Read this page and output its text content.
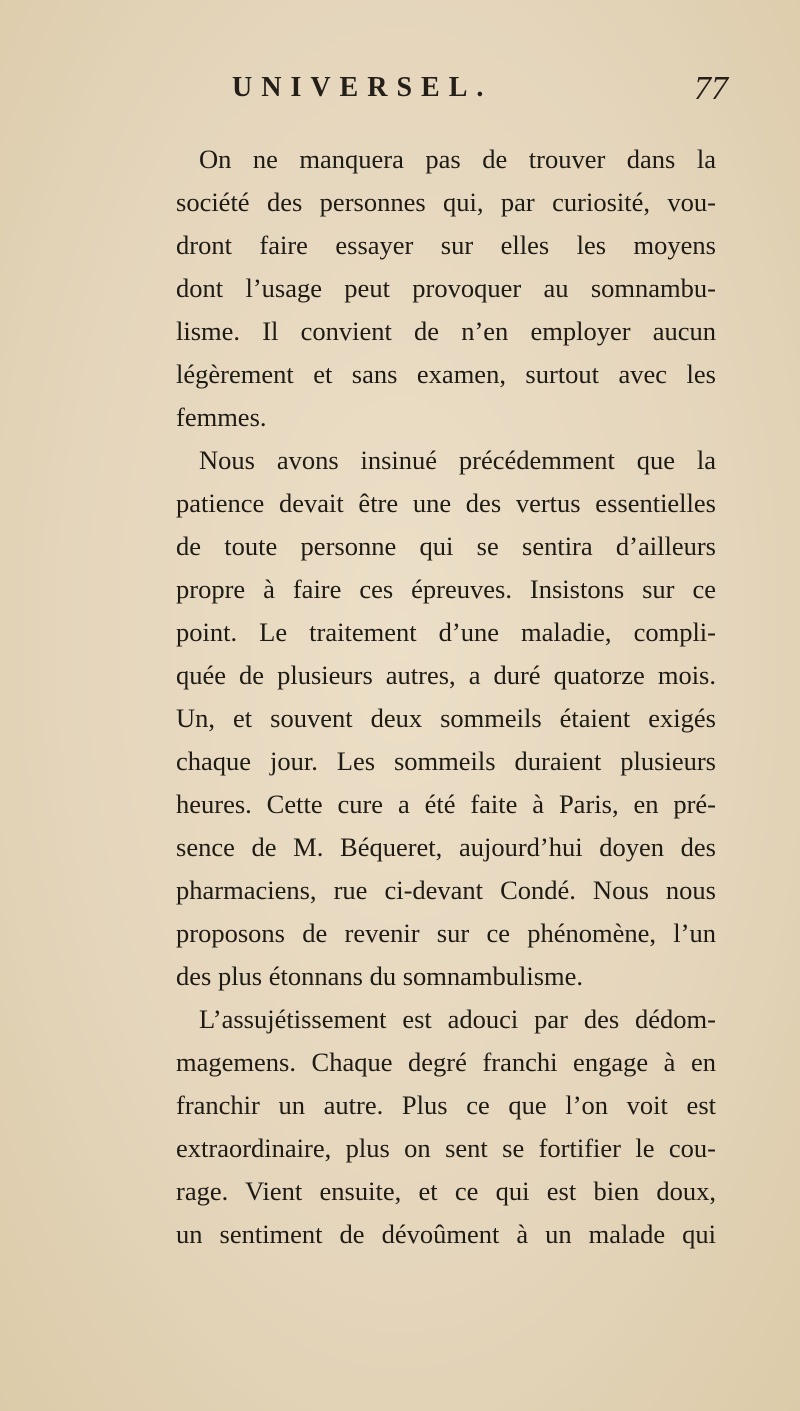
UNIVERSEL.	77
On ne manquera pas de trouver dans la
société des personnes qui, par curiosité, vou-
dront faire essayer sur elles les moyens
dont l’usage peut provoquer au somnambu-
lisme. Il convient de n’en employer aucun
légèrement et sans examen, surtout avec les
femmes.
Nous avons insinué précédemment que la
patience devait être une des vertus essentielles
de toute personne qui se sentira d’ailleurs
propre à faire ces épreuves. Insistons sur ce
point. Le traitement d’une maladie, compli-
quée de plusieurs autres, a duré quatorze mois.
Un, et souvent deux sommeils étaient exigés
chaque jour. Les sommeils duraient plusieurs
heures. Cette cure a été faite à Paris, en pré-
sence de M. Béqueret, aujourd’hui doyen des
pharmaciens, rue ci-devant Condé. Nous nous
proposons de revenir sur ce phénomène, l’un
des plus étonnans du somnambulisme.
L’assujétissement est adouci par des dédom-
magemens. Chaque degré franchi engage à en
franchir un autre. Plus ce que l’on voit est
extraordinaire, plus on sent se fortifier le cou-
rage. Vient ensuite, et ce qui est bien doux,
un sentiment de dévoûment à un malade qui
